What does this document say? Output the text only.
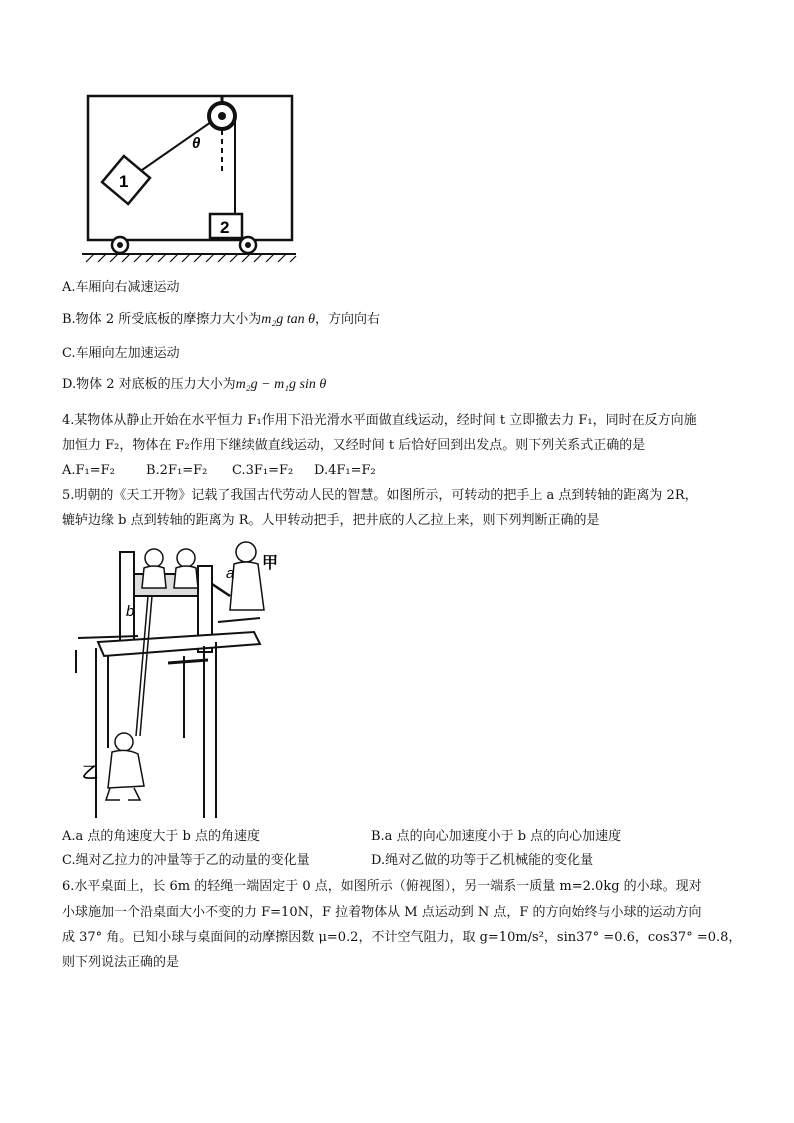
θ
1
2
A.车厢向右减速运动
B.物体 2 所受底板的摩擦力大小为m₂g tan θ，方向向右
C.车厢向左加速运动
D.物体 2 对底板的压力大小为m₂g − m₁g sin θ
4.某物体从静止开始在水平恒力 F₁作用下沿光滑水平面做直线运动，经时间 t 立即撤去力 F₁，同时在反方向施
加恒力 F₂，物体在 F₂作用下继续做直线运动，又经时间 t 后恰好回到出发点。则下列关系式正确的是
A.F₁=F₂ B.2F₁=F₂ C.3F₁=F₂ D.4F₁=F₂
5.明朝的《天工开物》记载了我国古代劳动人民的智慧。如图所示，可转动的把手上 a 点到转轴的距离为 2R，
辘轳边缘 b 点到转轴的距离为 R。人甲转动把手，把井底的人乙拉上来，则下列判断正确的是
a
b
甲
乙
A.a 点的角速度大于 b 点的角速度	B.a 点的向心加速度小于 b 点的向心加速度
C.绳对乙拉力的冲量等于乙的动量的变化量	D.绳对乙做的功等于乙机械能的变化量
6.水平桌面上，长 6m 的轻绳一端固定于 0 点，如图所示（俯视图），另一端系一质量 m=2.0kg 的小球。现对
小球施加一个沿桌面大小不变的力 F=10N，F 拉着物体从 M 点运动到 N 点，F 的方向始终与小球的运动方向
成 37° 角。已知小球与桌面间的动摩擦因数 μ=0.2，不计空气阻力，取 g=10m/s²，sin37° =0.6，cos37° =0.8，
则下列说法正确的是
